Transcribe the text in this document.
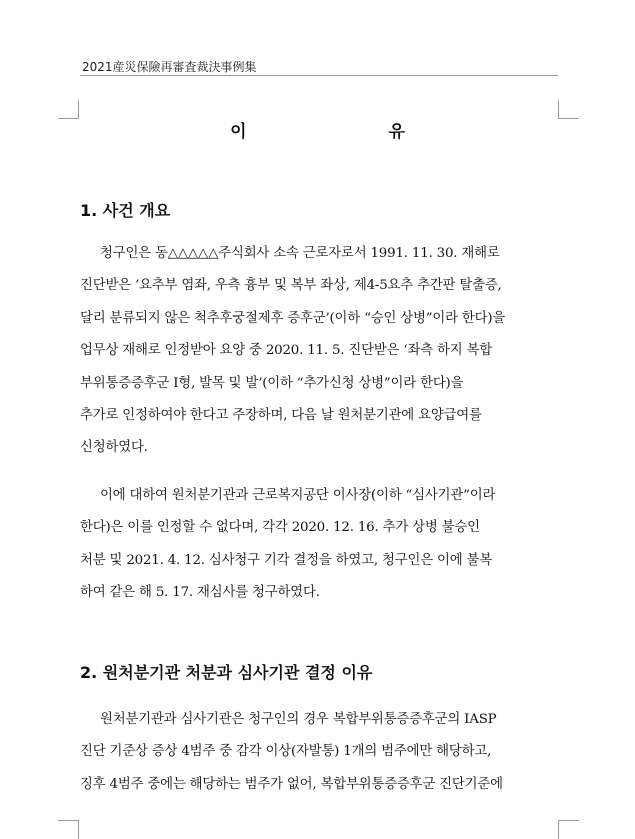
2021産災保險再審査裁決事例集
이 유
1. 사건 개요
청구인은 동△△△△△주식회사 소속 근로자로서 1991. 11. 30. 재해로
진단받은 ‘요추부 염좌, 우측 흉부 및 복부 좌상, 제4-5요추 추간판 탈출증,
달리 분류되지 않은 척추후궁절제후 증후군’(이하 “승인 상병”이라 한다)을
업무상 재해로 인정받아 요양 중 2020. 11. 5. 진단받은 ‘좌측 하지 복합
부위통증증후군 Ⅰ형, 발목 및 발’(이하 “추가신청 상병”이라 한다)을
추가로 인정하여야 한다고 주장하며, 다음 날 원처분기관에 요양급여를
신청하였다.
이에 대하여 원처분기관과 근로복지공단 이사장(이하 “심사기관”이라
한다)은 이를 인정할 수 없다며, 각각 2020. 12. 16. 추가 상병 불승인
처분 및 2021. 4. 12. 심사청구 기각 결정을 하였고, 청구인은 이에 불복
하여 같은 해 5. 17. 재심사를 청구하였다.
2. 원처분기관 처분과 심사기관 결정 이유
원처분기관과 심사기관은 청구인의 경우 복합부위통증증후군의 IASP
진단 기준상 증상 4범주 중 감각 이상(자발통) 1개의 범주에만 해당하고,
징후 4범주 중에는 해당하는 범주가 없어, 복합부위통증증후군 진단기준에
